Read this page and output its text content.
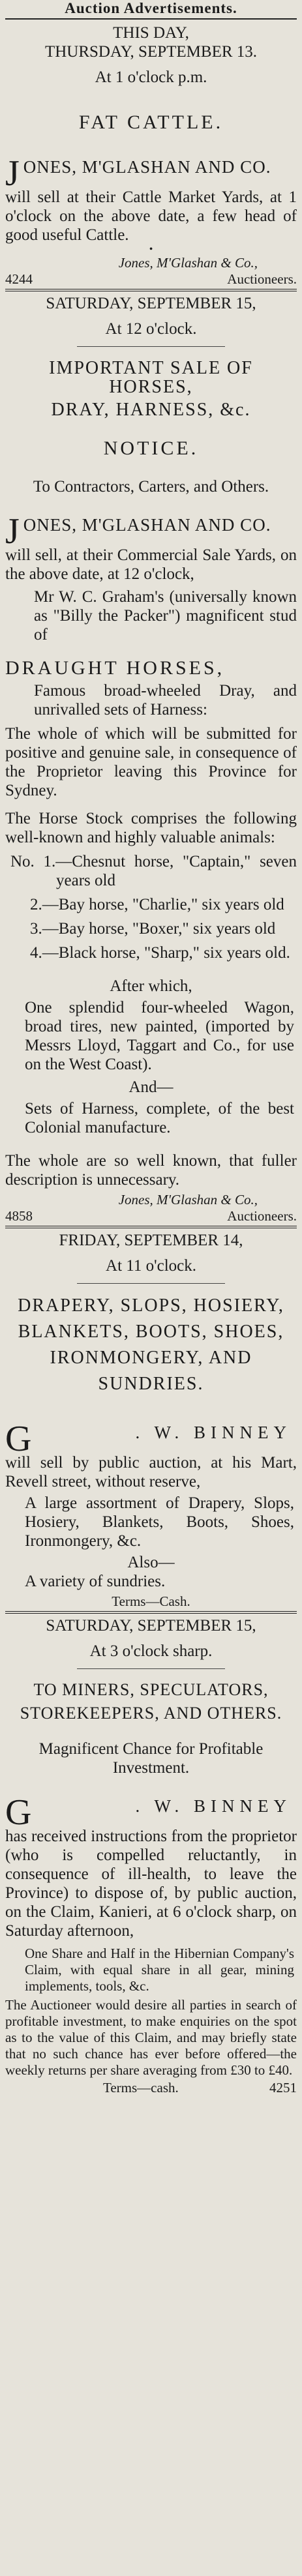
Auction Advertisements.
THIS DAY,
THURSDAY, SEPTEMBER 13.
At 1 o'clock p.m.
FAT CATTLE.
J ONES, M'GLASHAN AND CO.
will sell at their Cattle Market Yards, at 1 o'clock on the above date, a few head of good useful Cattle.
•
Jones, M'Glashan & Co.,
4244	Auctioneers.
SATURDAY, SEPTEMBER 15,
At 12 o'clock.
IMPORTANT SALE OF HORSES,
DRAY, HARNESS, &c.
NOTICE.
To Contractors, Carters, and Others.
J ONES, M'GLASHAN AND CO.
will sell, at their Commercial Sale Yards, on the above date, at 12 o'clock,
Mr W. C. Graham's (universally known as "Billy the Packer") magnificent stud of
DRAUGHT HORSES,
Famous broad-wheeled Dray, and unrivalled sets of Harness:
The whole of which will be submitted for positive and genuine sale, in consequence of the Proprietor leaving this Province for Sydney.
The Horse Stock comprises the following well-known and highly valuable animals:
No. 1.—Chesnut horse, "Captain," seven years old
2.—Bay horse, "Charlie," six years old
3.—Bay horse, "Boxer," six years old
4.—Black horse, "Sharp," six years old.
After which,
One splendid four-wheeled Wagon, broad tires, new painted, (imported by Messrs Lloyd, Taggart and Co., for use on the West Coast).
And—
Sets of Harness, complete, of the best Colonial manufacture.
The whole are so well known, that fuller description is unnecessary.
Jones, M'Glashan & Co.,
4858	Auctioneers.
FRIDAY, SEPTEMBER 14,
At 11 o'clock.
DRAPERY, SLOPS, HOSIERY, BLANKETS, BOOTS, SHOES, IRONMONGERY, AND SUNDRIES.
G	. W. BINNEY
will sell by public auction, at his Mart, Revell street, without reserve,
A large assortment of Drapery, Slops, Hosiery, Blankets, Boots, Shoes, Ironmongery, &c.
Also—
A variety of sundries.
Terms—Cash.
SATURDAY, SEPTEMBER 15,
At 3 o'clock sharp.
TO MINERS, SPECULATORS, STOREKEEPERS, AND OTHERS.
Magnificent Chance for Profitable Investment.
G	. W. BINNEY
has received instructions from the proprietor (who is compelled reluctantly, in consequence of ill-health, to leave the Province) to dispose of, by public auction, on the Claim, Kanieri, at 6 o'clock sharp, on Saturday afternoon,
One Share and Half in the Hibernian Company's Claim, with equal share in all gear, mining implements, tools, &c.
The Auctioneer would desire all parties in search of profitable investment, to make enquiries on the spot as to the value of this Claim, and may briefly state that no such chance has ever before offered—the weekly returns per share averaging from £30 to £40.
Terms—cash.	4251
